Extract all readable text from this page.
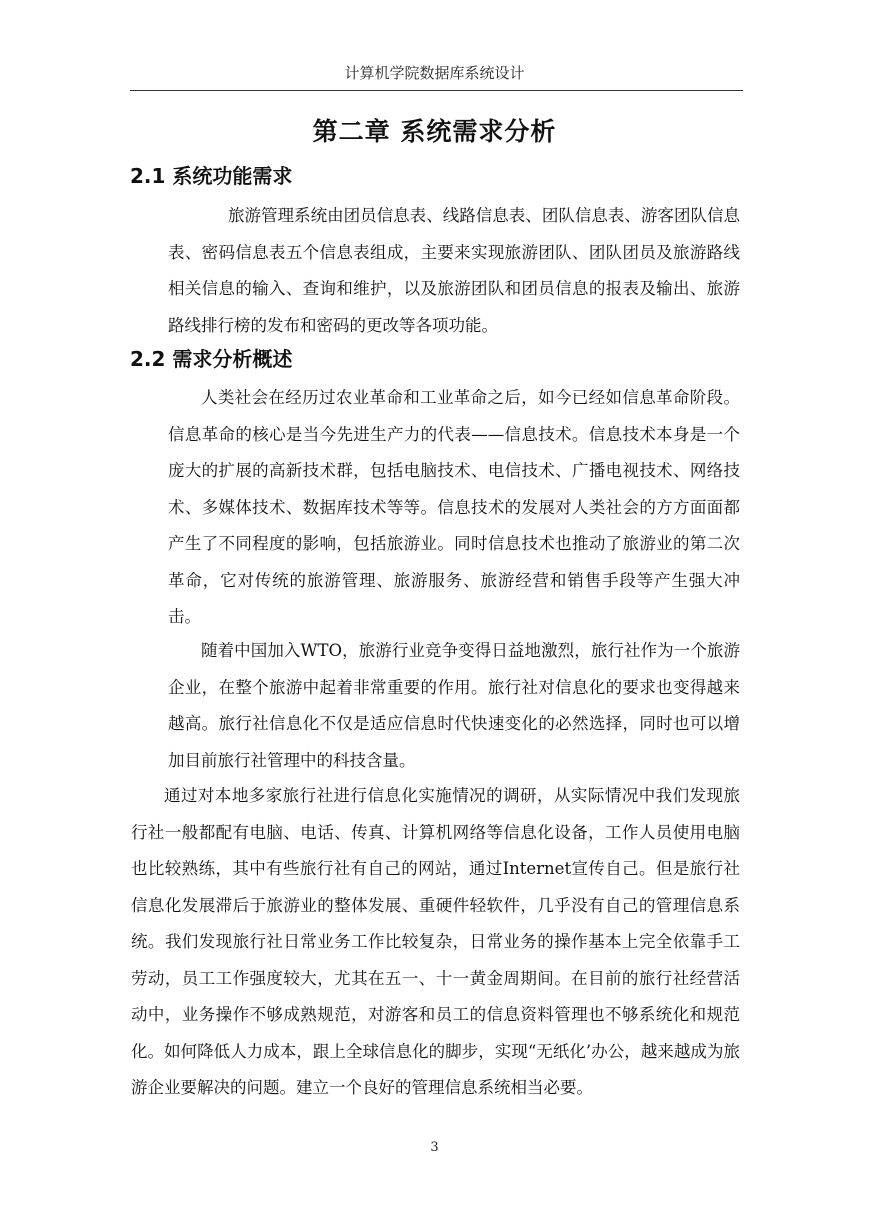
计算机学院数据库系统设计
第二章 系统需求分析
2.1 系统功能需求

旅游管理系统由团员信息表、线路信息表、团队信息表、游客团队信息表、密码信息表五个信息表组成，主要来实现旅游团队、团队团员及旅游路线相关信息的输入、查询和维护，以及旅游团队和团员信息的报表及输出、旅游路线排行榜的发布和密码的更改等各项功能。

2.2 需求分析概述

人类社会在经历过农业革命和工业革命之后，如今已经如信息革命阶段。信息革命的核心是当今先进生产力的代表——信息技术。信息技术本身是一个庞大的扩展的高新技术群，包括电脑技术、电信技术、广播电视技术、网络技术、多媒体技术、数据库技术等等。信息技术的发展对人类社会的方方面面都产生了不同程度的影响，包括旅游业。同时信息技术也推动了旅游业的第二次革命，它对传统的旅游管理、旅游服务、旅游经营和销售手段等产生强大冲击。

随着中国加入WTO，旅游行业竞争变得日益地激烈，旅行社作为一个旅游企业，在整个旅游中起着非常重要的作用。旅行社对信息化的要求也变得越来越高。旅行社信息化不仅是适应信息时代快速变化的必然选择，同时也可以增加目前旅行社管理中的科技含量。

通过对本地多家旅行社进行信息化实施情况的调研，从实际情况中我们发现旅行社一般都配有电脑、电话、传真、计算机网络等信息化设备，工作人员使用电脑也比较熟练，其中有些旅行社有自己的网站，通过Internet宣传自己。但是旅行社信息化发展滞后于旅游业的整体发展、重硬件轻软件，几乎没有自己的管理信息系统。我们发现旅行社日常业务工作比较复杂，日常业务的操作基本上完全依靠手工劳动，员工工作强度较大，尤其在五一、十一黄金周期间。在目前的旅行社经营活动中，业务操作不够成熟规范，对游客和员工的信息资料管理也不够系统化和规范化。如何降低人力成本，跟上全球信息化的脚步，实现“无纸化’办公，越来越成为旅游企业要解决的问题。建立一个良好的管理信息系统相当必要。

3
